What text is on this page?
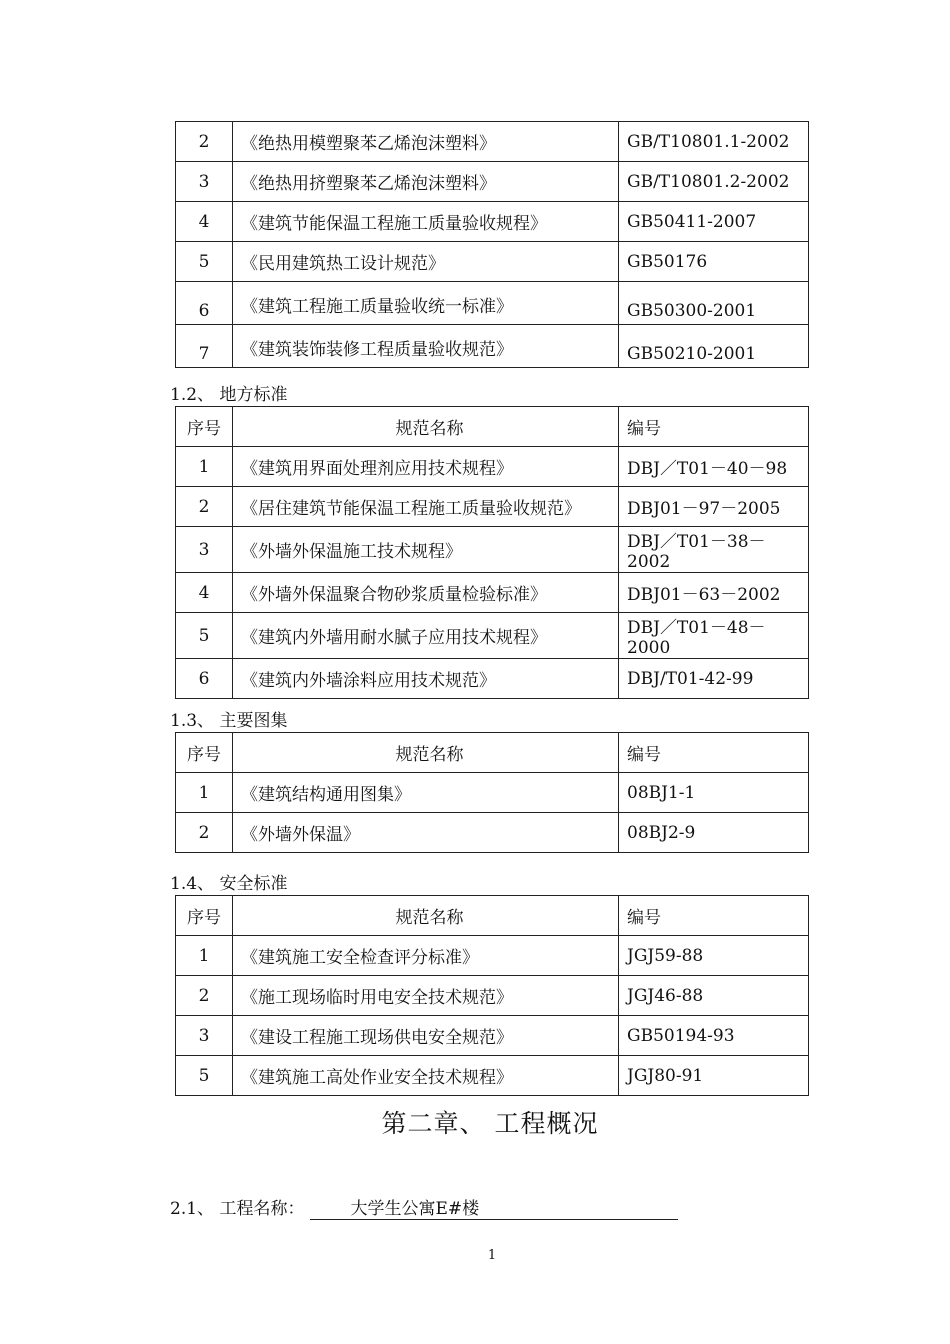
2	《绝热用模塑聚苯乙烯泡沫塑料》	GB/T10801.1-2002
3	《绝热用挤塑聚苯乙烯泡沫塑料》	GB/T10801.2-2002
4	《建筑节能保温工程施工质量验收规程》	GB50411-2007
5	《民用建筑热工设计规范》	GB50176
6	《建筑工程施工质量验收统一标准》	GB50300-2001
7	《建筑装饰装修工程质量验收规范》	GB50210-2001
1.2、 地方标准
序号	规范名称	编号
1	《建筑用界面处理剂应用技术规程》	DBJ／T01－40－98
2	《居住建筑节能保温工程施工质量验收规范》	DBJ01－97－2005
3	《外墙外保温施工技术规程》	DBJ／T01－38－2002
4	《外墙外保温聚合物砂浆质量检验标准》	DBJ01－63－2002
5	《建筑内外墙用耐水腻子应用技术规程》	DBJ／T01－48－2000
6	《建筑内外墙涂料应用技术规范》	DBJ/T01-42-99
1.3、 主要图集
序号	规范名称	编号
1	《建筑结构通用图集》	08BJ1-1
2	《外墙外保温》	08BJ2-9
1.4、 安全标准
序号	规范名称	编号
1	《建筑施工安全检查评分标准》	JGJ59-88
2	《施工现场临时用电安全技术规范》	JGJ46-88
3	《建设工程施工现场供电安全规范》	GB50194-93
5	《建筑施工高处作业安全技术规程》	JGJ80-91
第二章、 工程概况
2.1、 工程名称：	大学生公寓E#楼
1
